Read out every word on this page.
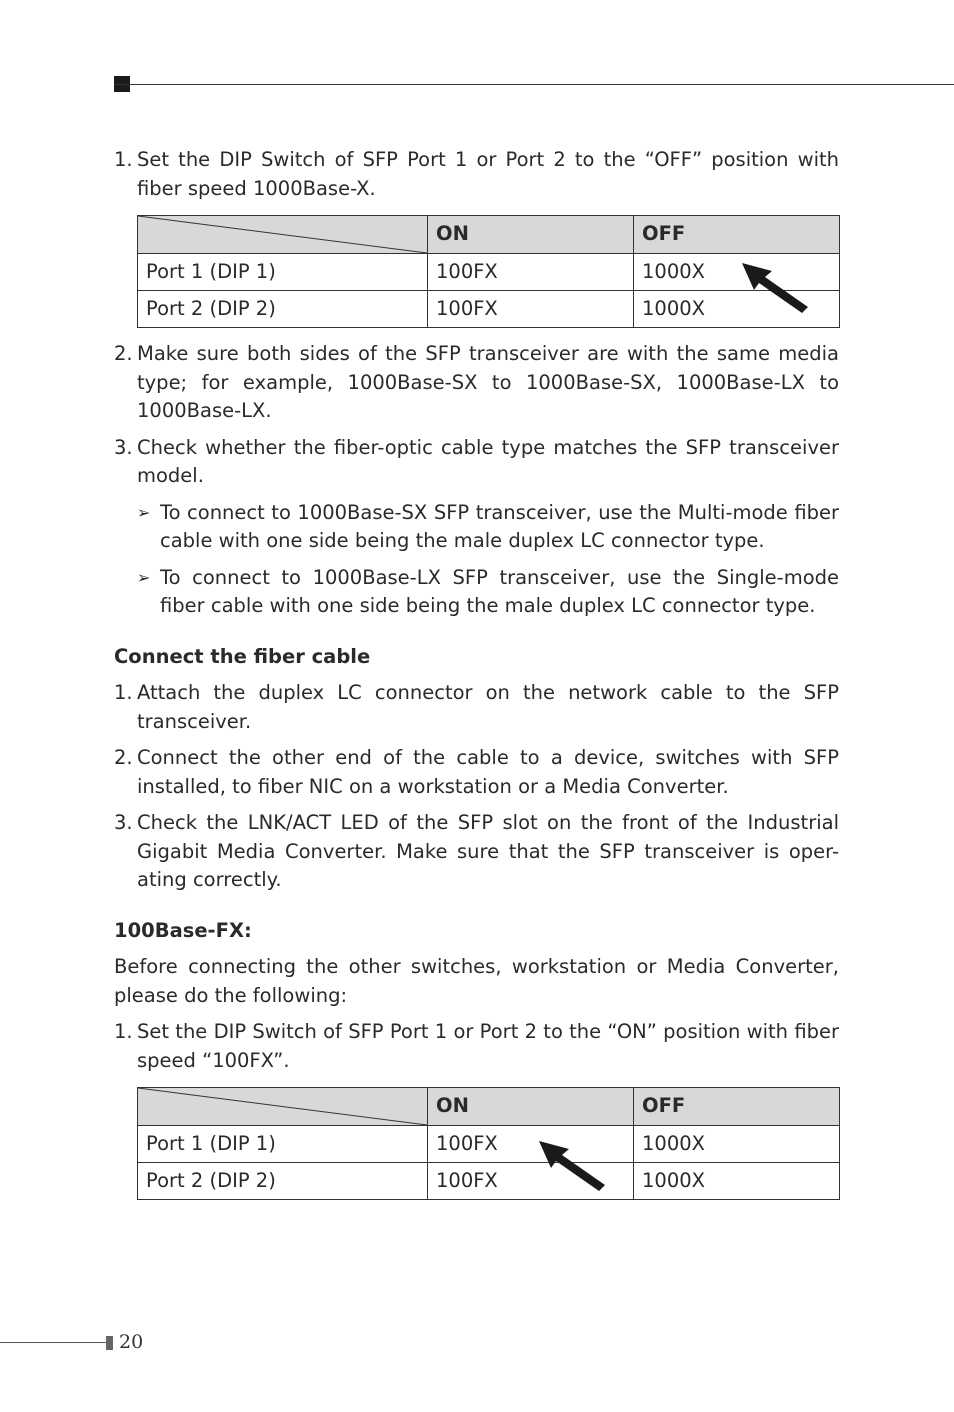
1. Set the DIP Switch of SFP Port 1 or Port 2 to the “OFF” position with fiber speed 1000Base-X.
	ON	OFF
Port 1 (DIP 1)	100FX	1000X
Port 2 (DIP 2)	100FX	1000X
2. Make sure both sides of the SFP transceiver are with the same media type; for example, 1000Base-SX to 1000Base-SX, 1000Base-LX to 1000Base-LX.
3. Check whether the fiber-optic cable type matches the SFP transceiver model.
➢ To connect to 1000Base-SX SFP transceiver, use the Multi-mode fiber cable with one side being the male duplex LC connector type.
➢ To connect to 1000Base-LX SFP transceiver, use the Single-mode fiber cable with one side being the male duplex LC connector type.
Connect the fiber cable
1. Attach the duplex LC connector on the network cable to the SFP transceiver.
2. Connect the other end of the cable to a device, switches with SFP installed, to fiber NIC on a workstation or a Media Converter.
3. Check the LNK/ACT LED of the SFP slot on the front of the Industrial Gigabit Media Converter. Make sure that the SFP transceiver is oper-ating correctly.
100Base-FX:
Before connecting the other switches, workstation or Media Converter, please do the following:
1. Set the DIP Switch of SFP Port 1 or Port 2 to the “ON” position with fiber speed “100FX”.
	ON	OFF
Port 1 (DIP 1)	100FX	1000X
Port 2 (DIP 2)	100FX	1000X
20
